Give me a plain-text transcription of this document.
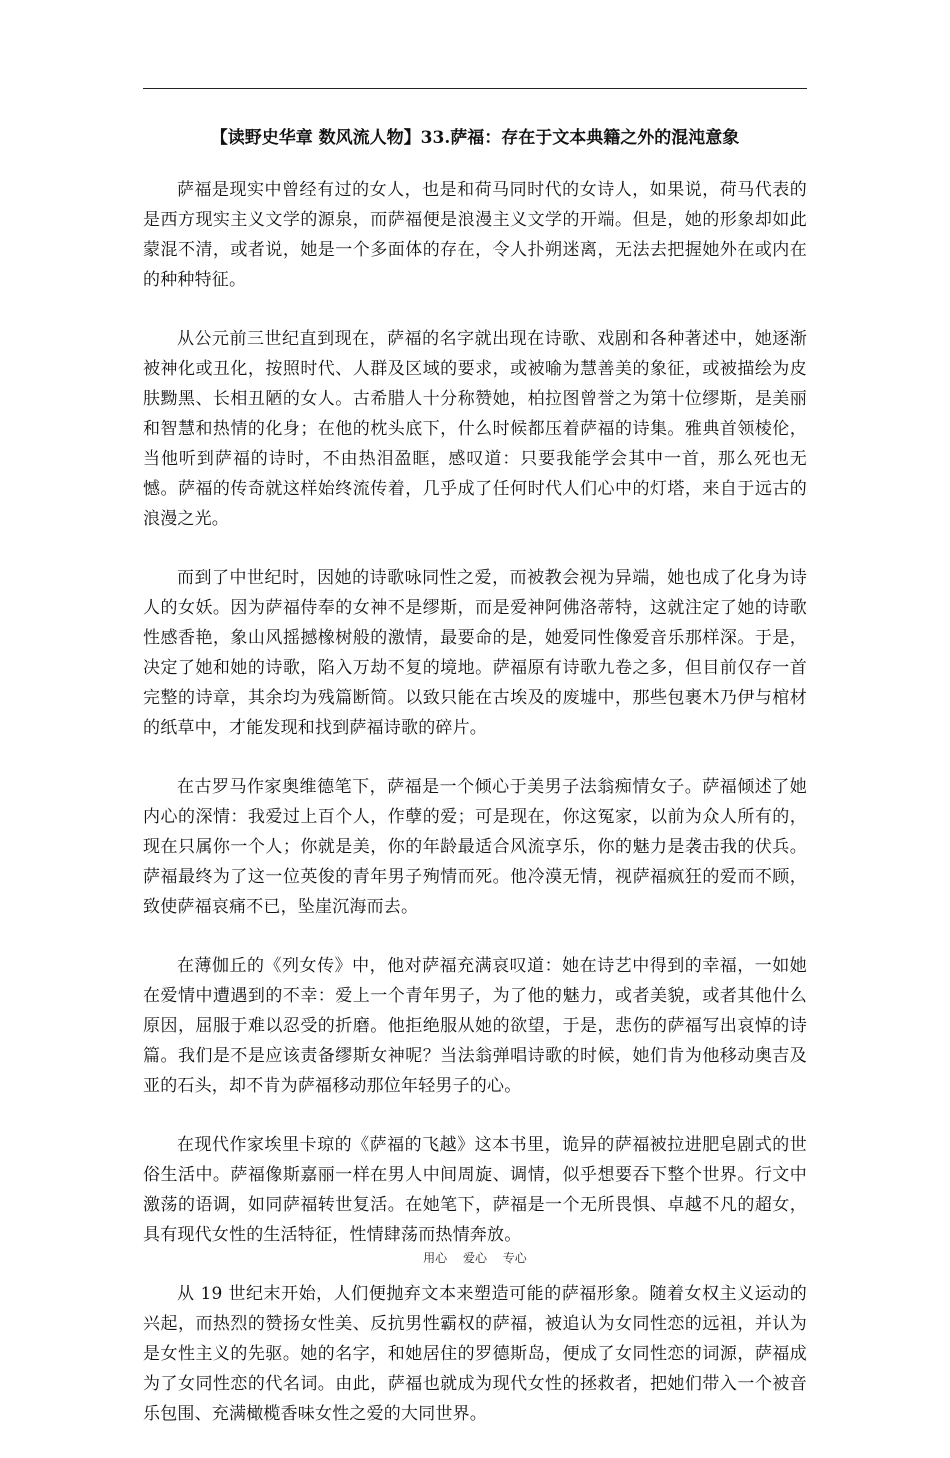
【读野史华章 数风流人物】33.萨福：存在于文本典籍之外的混沌意象

萨福是现实中曾经有过的女人，也是和荷马同时代的女诗人，如果说，荷马代表的是西方现实主义文学的源泉，而萨福便是浪漫主义文学的开端。但是，她的形象却如此蒙混不清，或者说，她是一个多面体的存在，令人扑朔迷离，无法去把握她外在或内在的种种特征。

从公元前三世纪直到现在，萨福的名字就出现在诗歌、戏剧和各种著述中，她逐渐被神化或丑化，按照时代、人群及区域的要求，或被喻为慧善美的象征，或被描绘为皮肤黝黑、长相丑陋的女人。古希腊人十分称赞她，柏拉图曾誉之为第十位缪斯，是美丽和智慧和热情的化身；在他的枕头底下，什么时候都压着萨福的诗集。雅典首领棱伦，当他听到萨福的诗时，不由热泪盈眶，感叹道：只要我能学会其中一首，那么死也无憾。萨福的传奇就这样始终流传着，几乎成了任何时代人们心中的灯塔，来自于远古的浪漫之光。

而到了中世纪时，因她的诗歌咏同性之爱，而被教会视为异端，她也成了化身为诗人的女妖。因为萨福侍奉的女神不是缪斯，而是爱神阿佛洛蒂特，这就注定了她的诗歌性感香艳，象山风摇撼橡树般的激情，最要命的是，她爱同性像爱音乐那样深。于是，决定了她和她的诗歌，陷入万劫不复的境地。萨福原有诗歌九卷之多，但目前仅存一首完整的诗章，其余均为残篇断简。以致只能在古埃及的废墟中，那些包裹木乃伊与棺材的纸草中，才能发现和找到萨福诗歌的碎片。

在古罗马作家奥维德笔下，萨福是一个倾心于美男子法翁痴情女子。萨福倾述了她内心的深情：我爱过上百个人，作孽的爱；可是现在，你这冤家，以前为众人所有的，现在只属你一个人；你就是美，你的年龄最适合风流享乐，你的魅力是袭击我的伏兵。萨福最终为了这一位英俊的青年男子殉情而死。他冷漠无情，视萨福疯狂的爱而不顾，致使萨福哀痛不已，坠崖沉海而去。

在薄伽丘的《列女传》中，他对萨福充满哀叹道：她在诗艺中得到的幸福，一如她在爱情中遭遇到的不幸：爱上一个青年男子，为了他的魅力，或者美貌，或者其他什么原因，屈服于难以忍受的折磨。他拒绝服从她的欲望，于是，悲伤的萨福写出哀悼的诗篇。我们是不是应该责备缪斯女神呢？当法翁弹唱诗歌的时候，她们肯为他移动奥吉及亚的石头，却不肯为萨福移动那位年轻男子的心。

在现代作家埃里卡琼的《萨福的飞越》这本书里，诡异的萨福被拉进肥皂剧式的世俗生活中。萨福像斯嘉丽一样在男人中间周旋、调情，似乎想要吞下整个世界。行文中激荡的语调，如同萨福转世复活。在她笔下，萨福是一个无所畏惧、卓越不凡的超女，具有现代女性的生活特征，性情肆荡而热情奔放。

从 19 世纪末开始，人们便抛弃文本来塑造可能的萨福形象。随着女权主义运动的兴起，而热烈的赞扬女性美、反抗男性霸权的萨福，被追认为女同性恋的远祖，并认为是女性主义的先驱。她的名字，和她居住的罗德斯岛，便成了女同性恋的词源，萨福成为了女同性恋的代名词。由此，萨福也就成为现代女性的拯救者，把她们带入一个被音乐包围、充满橄榄香味女性之爱的大同世界。

用心 爱心 专心
